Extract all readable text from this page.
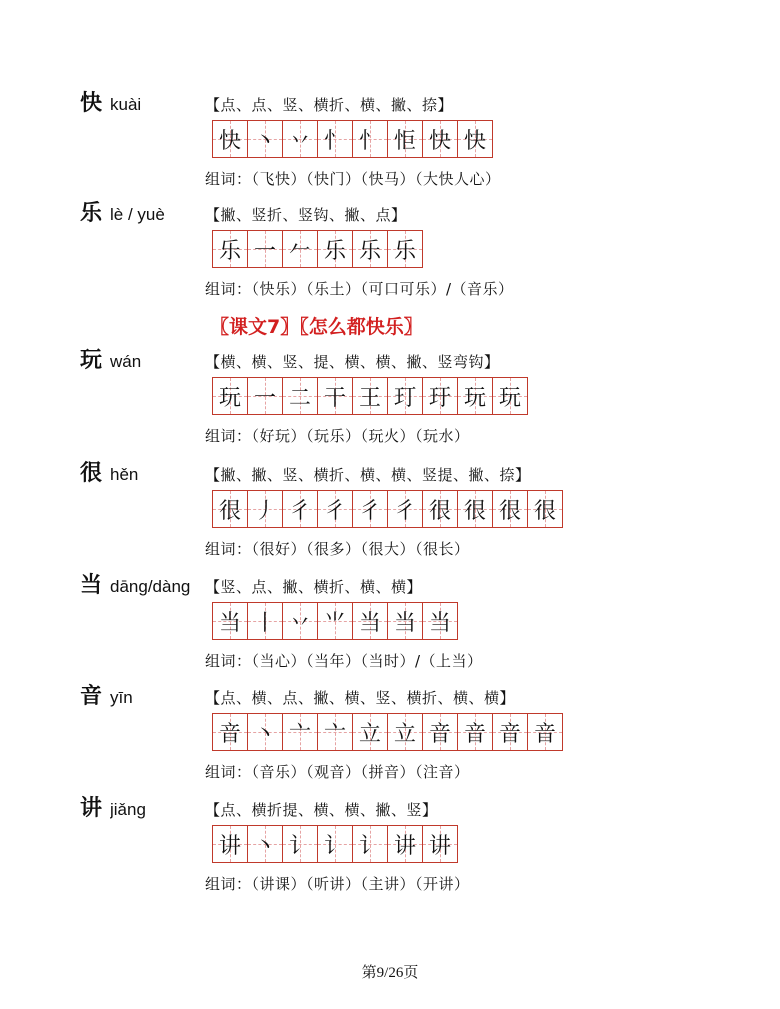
快 kuài	【点、点、竖、横折、横、撇、捺】
快 丶 丷 忄 忄 怇 快 快
组词：（飞快）（快门）（快马）（大快人心）
乐 lè / yuè	【撇、竖折、竖钩、撇、点】
乐 一 𠂉 乐 乐 乐
组词：（快乐）（乐土）（可口可乐）/（音乐）
〖课文7〗〖怎么都快乐〗
玩 wán	【横、横、竖、提、横、横、撇、竖弯钩】
玩 一 二 干 王 玎 玗 玩 玩
组词：（好玩）（玩乐）（玩火）（玩水）
很 hěn	【撇、撇、竖、横折、横、横、竖提、撇、捺】
很 丿 彳 彳 彳 彳 很 很 很 很
组词：（很好）（很多）（很大）（很长）
当 dāng/dàng 【竖、点、撇、横折、横、横】
当 丨 丷 ⺌ 当 当 当
组词：（当心）（当年）（当时）/（上当）
音 yīn	【点、横、点、撇、横、竖、横折、横、横】
音 丶 亠 亠 立 立 音 音 音 音
组词：（音乐）（观音）（拼音）（注音）
讲 jiǎng	【点、横折提、横、横、撇、竖】
讲 丶 讠 讠 讠 讲 讲
组词：（讲课）（听讲）（主讲）（开讲）
第9/26页
